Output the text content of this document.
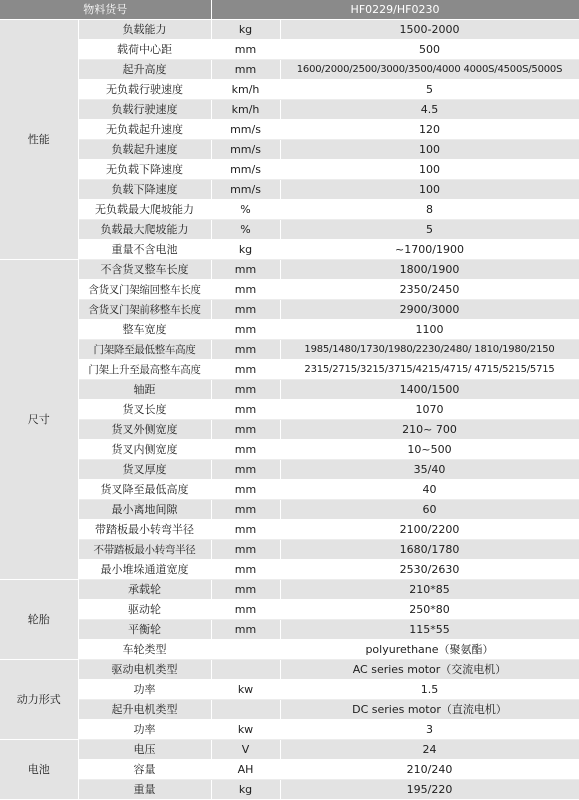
物料货号		HF0229/HF0230	
性能	负载能力	kg	1500-2000
	载荷中心距	mm	500
	起升高度	mm	1600/2000/2500/3000/3500/4000 4000S/4500S/5000S
	无负载行驶速度	km/h	5
	负载行驶速度	km/h	4.5
	无负载起升速度	mm/s	120
	负载起升速度	mm/s	100
	无负载下降速度	mm/s	100
	负载下降速度	mm/s	100
	无负载最大爬坡能力	%	8
	负载最大爬坡能力	%	5
	重量不含电池	kg	~1700/1900
尺寸	不含货叉整车长度	mm	1800/1900
	含货叉门架缩回整车长度	mm	2350/2450
	含货叉门架前移整车长度	mm	2900/3000
	整车宽度	mm	1100
	门架降至最低整车高度	mm	1985/1480/1730/1980/2230/2480/ 1810/1980/2150
	门架上升至最高整车高度	mm	2315/2715/3215/3715/4215/4715/ 4715/5215/5715
	轴距	mm	1400/1500
	货叉长度	mm	1070
	货叉外侧宽度	mm	210~ 700
	货叉内侧宽度	mm	10~500
	货叉厚度	mm	35/40
	货叉降至最低高度	mm	40
	最小离地间隙	mm	60
	带踏板最小转弯半径	mm	2100/2200
	不带踏板最小转弯半径	mm	1680/1780
	最小堆垛通道宽度	mm	2530/2630
轮胎	承载轮	mm	210*85
	驱动轮	mm	250*80
	平衡轮	mm	115*55
	车轮类型		polyurethane（聚氨酯）
动力形式	驱动电机类型		AC series motor（交流电机）
	功率	kw	1.5
	起升电机类型		DC series motor（直流电机）
	功率	kw	3
电池	电压	V	24
	容量	AH	210/240
	重量	kg	195/220
